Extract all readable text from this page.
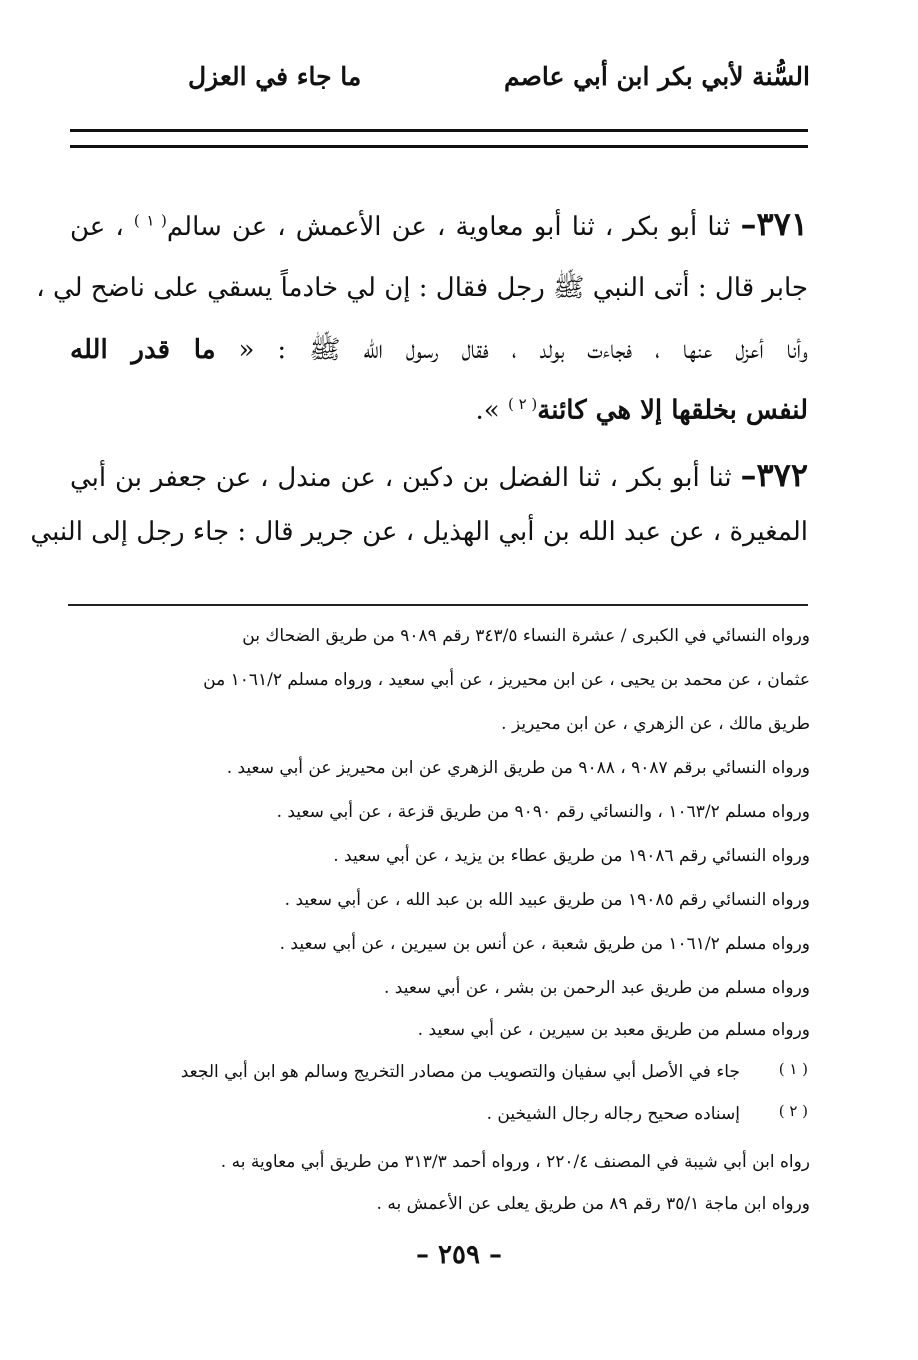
السُّنة لأبي بكر ابن أبي عاصم
ما جاء في العزل
٣٧١– ثنا أبو بكر ، ثنا أبو معاوية ، عن الأعمش ، عن سالم$^{( ١ )}$ ، عن
جابر قال : أتى النبي ﷺ رجل فقال : إن لي خادماً يسقي على ناضح لي ،
وأنا أعزل عنها ، فجاءت بولد ، فقال رسول الله ﷺ : « ما قدر الله
لنفس بخلقها إلا هي كائنة$^{( ٢ )}$ ».
٣٧٢– ثنا أبو بكر ، ثنا الفضل بن دكين ، عن مندل ، عن جعفر بن أبي
المغيرة ، عن عبد الله بن أبي الهذيل ، عن جرير قال : جاء رجل إلى النبي
ورواه النسائي في الكبرى / عشرة النساء ٣٤٣/٥ رقم ٩٠٨٩ من طريق الضحاك بن
عثمان ، عن محمد بن يحيى ، عن ابن محيريز ، عن أبي سعيد ، ورواه مسلم ١٠٦١/٢ من
طريق مالك ، عن الزهري ، عن ابن محيريز .
ورواه النسائي برقم ٩٠٨٧ ، ٩٠٨٨ من طريق الزهري عن ابن محيريز عن أبي سعيد .
ورواه مسلم ١٠٦٣/٢ ، والنسائي رقم ٩٠٩٠ من طريق قزعة ، عن أبي سعيد .
ورواه النسائي رقم ١٩٠٨٦ من طريق عطاء بن يزيد ، عن أبي سعيد .
ورواه النسائي رقم ١٩٠٨٥ من طريق عبيد الله بن عبد الله ، عن أبي سعيد .
ورواه مسلم ١٠٦١/٢ من طريق شعبة ، عن أنس بن سيرين ، عن أبي سعيد .
ورواه مسلم من طريق عبد الرحمن بن بشر ، عن أبي سعيد .
ورواه مسلم من طريق معبد بن سيرين ، عن أبي سعيد .
( ١ )
جاء في الأصل أبي سفيان والتصويب من مصادر التخريج وسالم هو ابن أبي الجعد
( ٢ )
إسناده صحيح رجاله رجال الشيخين .
رواه ابن أبي شيبة في المصنف ٢٢٠/٤ ، ورواه أحمد ٣١٣/٣ من طريق أبي معاوية به .
ورواه ابن ماجة ٣٥/١ رقم ٨٩ من طريق يعلى عن الأعمش به .
– ٢٥٩ –
